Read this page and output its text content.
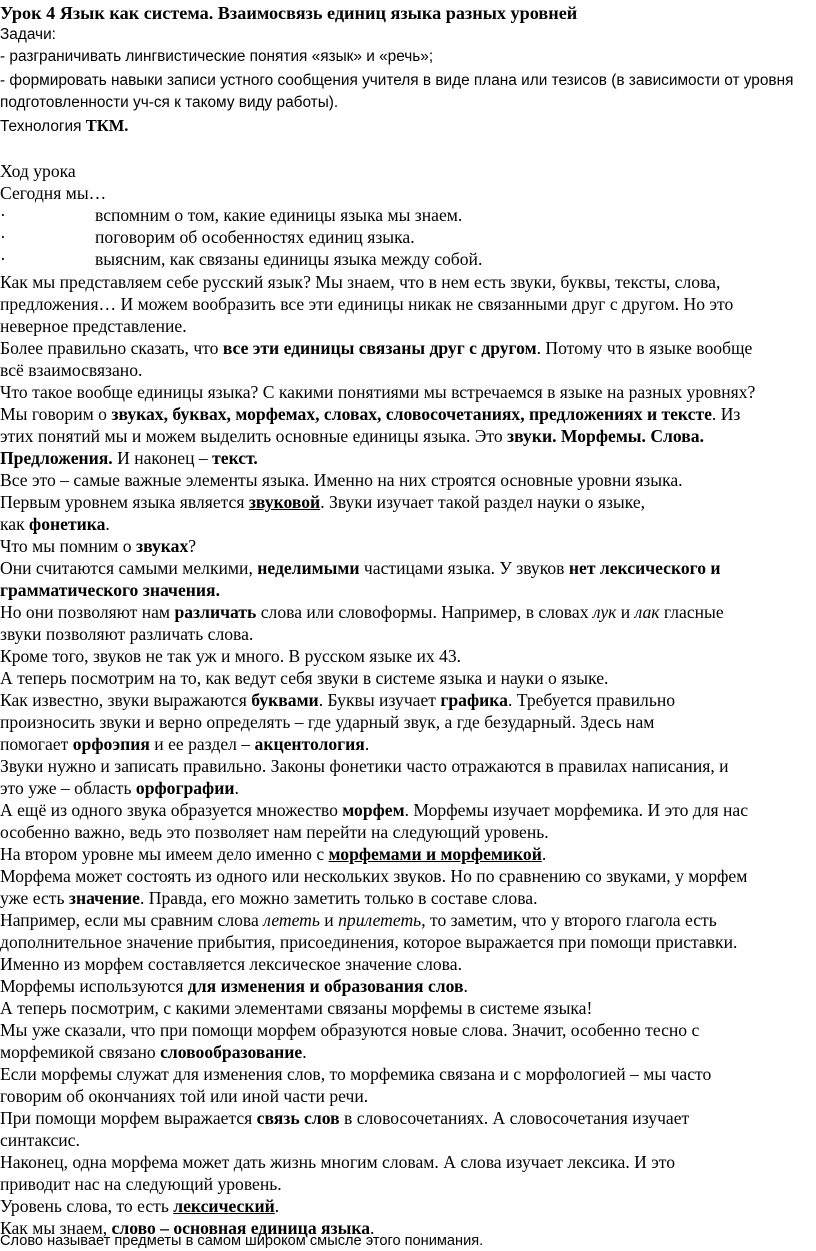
Урок 4 Язык как система. Взаимосвязь единиц языка разных уровней
Задачи:
- разграничивать лингвистические понятия «язык» и «речь»;
- формировать навыки записи устного сообщения учителя в виде плана или тезисов (в зависимости от уровня
подготовленности уч-ся к такому виду работы).
Технология ТКМ.
Ход урока
Сегодня мы…
·	вспомним о том, какие единицы языка мы знаем.
·	поговорим об особенностях единиц языка.
·	выясним, как связаны единицы языка между собой.
Как мы представляем себе русский язык? Мы знаем, что в нем есть звуки, буквы, тексты, слова,
предложения… И можем вообразить все эти единицы никак не связанными друг с другом. Но это
неверное представление.
Более правильно сказать, что все эти единицы связаны друг с другом. Потому что в языке вообще
всё взаимосвязано.
Что такое вообще единицы языка? С какими понятиями мы встречаемся в языке на разных уровнях?
Мы говорим о звуках, буквах, морфемах, словах, словосочетаниях, предложениях и тексте. Из
этих понятий мы и можем выделить основные единицы языка. Это звуки. Морфемы. Слова.
Предложения. И наконец – текст.
Все это – самые важные элементы языка. Именно на них строятся основные уровни языка.
Первым уровнем языка является звуковой. Звуки изучает такой раздел науки о языке,
как фонетика.
Что мы помним о звуках?
Они считаются самыми мелкими, неделимыми частицами языка. У звуков нет лексического и
грамматического значения.
Но они позволяют нам различать слова или словоформы. Например, в словах лук и лак гласные
звуки позволяют различать слова.
Кроме того, звуков не так уж и много. В русском языке их 43.
А теперь посмотрим на то, как ведут себя звуки в системе языка и науки о языке.
Как известно, звуки выражаются буквами. Буквы изучает графика. Требуется правильно
произносить звуки и верно определять – где ударный звук, а где безударный. Здесь нам
помогает орфоэпия и ее раздел – акцентология.
Звуки нужно и записать правильно. Законы фонетики часто отражаются в правилах написания, и
это уже – область орфографии.
А ещё из одного звука образуется множество морфем. Морфемы изучает морфемика. И это для нас
особенно важно, ведь это позволяет нам перейти на следующий уровень.
На втором уровне мы имеем дело именно с морфемами и морфемикой.
Морфема может состоять из одного или нескольких звуков. Но по сравнению со звуками, у морфем
уже есть значение. Правда, его можно заметить только в составе слова.
Например, если мы сравним слова лететь и прилететь, то заметим, что у второго глагола есть
дополнительное значение прибытия, присоединения, которое выражается при помощи приставки.
Именно из морфем составляется лексическое значение слова.
Морфемы используются для изменения и образования слов.
А теперь посмотрим, с какими элементами связаны морфемы в системе языка!
Мы уже сказали, что при помощи морфем образуются новые слова. Значит, особенно тесно с
морфемикой связано словообразование.
Если морфемы служат для изменения слов, то морфемика связана и с морфологией – мы часто
говорим об окончаниях той или иной части речи.
При помощи морфем выражается связь слов в словосочетаниях. А словосочетания изучает
синтаксис.
Наконец, одна морфема может дать жизнь многим словам. А слова изучает лексика. И это
приводит нас на следующий уровень.
Уровень слова, то есть лексический.
Как мы знаем, слово – основная единица языка.
Слово называет предметы в самом широком смысле этого понимания.
